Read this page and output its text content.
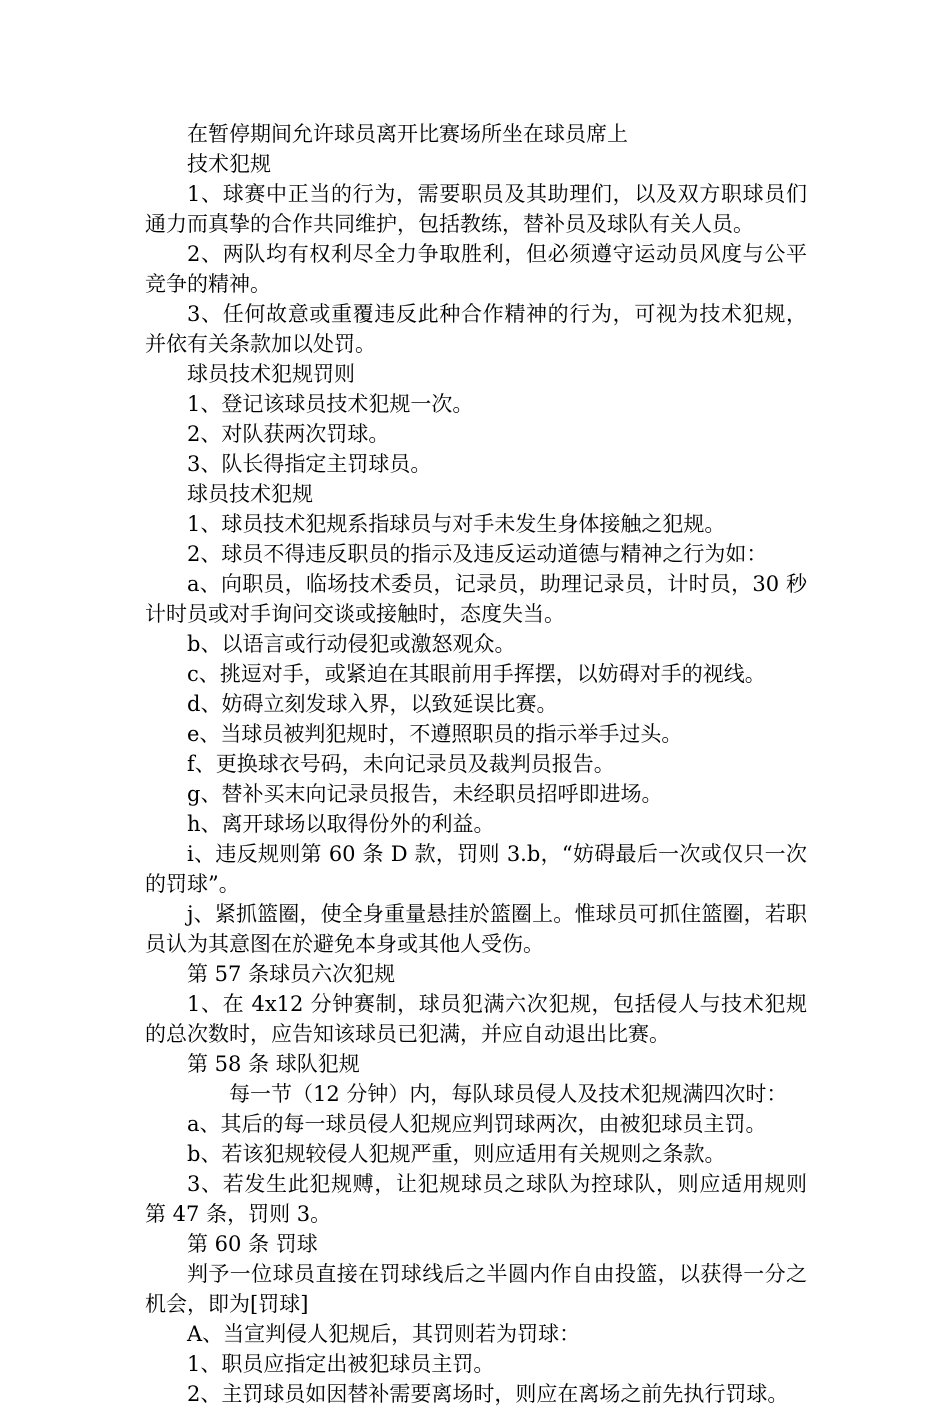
在暂停期间允许球员离开比赛场所坐在球员席上

技术犯规

1、球赛中正当的行为，需要职员及其助理们，以及双方职球员们通力而真挚的合作共同维护，包括教练，替补员及球队有关人员。

2、两队均有权利尽全力争取胜利，但必须遵守运动员风度与公平竞争的精神。

3、任何故意或重覆违反此种合作精神的行为，可视为技术犯规，并依有关条款加以处罚。

球员技术犯规罚则

1、登记该球员技术犯规一次。

2、对队获两次罚球。

3、队长得指定主罚球员。

球员技术犯规

1、球员技术犯规系指球员与对手未发生身体接触之犯规。

2、球员不得违反职员的指示及违反运动道德与精神之行为如：

a、向职员，临场技术委员，记录员，助理记录员，计时员，30 秒计时员或对手询问交谈或接触时，态度失当。

b、以语言或行动侵犯或激怒观众。

c、挑逗对手，或紧迫在其眼前用手挥摆，以妨碍对手的视线。

d、妨碍立刻发球入界，以致延误比赛。

e、当球员被判犯规时，不遵照职员的指示举手过头。

f、更换球衣号码，未向记录员及裁判员报告。

g、替补买末向记录员报告，未经职员招呼即进场。

h、离开球场以取得份外的利益。

i、违反规则第 60 条 D 款，罚则 3.b，“妨碍最后一次或仅只一次的罚球”。

j、紧抓篮圈，使全身重量悬挂於篮圈上。惟球员可抓住篮圈，若职员认为其意图在於避免本身或其他人受伤。

第 57 条球员六次犯规

1、在 4x12 分钟赛制，球员犯满六次犯规，包括侵人与技术犯规的总次数时，应告知该球员已犯满，并应自动退出比赛。

第 58 条 球队犯规

每一节（12 分钟）内，每队球员侵人及技术犯规满四次时：

a、其后的每一球员侵人犯规应判罚球两次，由被犯球员主罚。

b、若该犯规较侵人犯规严重，则应适用有关规则之条款。

3、若发生此犯规赙，让犯规球员之球队为控球队，则应适用规则第 47 条，罚则 3。

第 60 条 罚球

判予一位球员直接在罚球线后之半圆内作自由投篮，以获得一分之机会，即为[罚球]

A、当宣判侵人犯规后，其罚则若为罚球：

1、职员应指定出被犯球员主罚。

2、主罚球员如因替补需要离场时，则应在离场之前先执行罚球。
